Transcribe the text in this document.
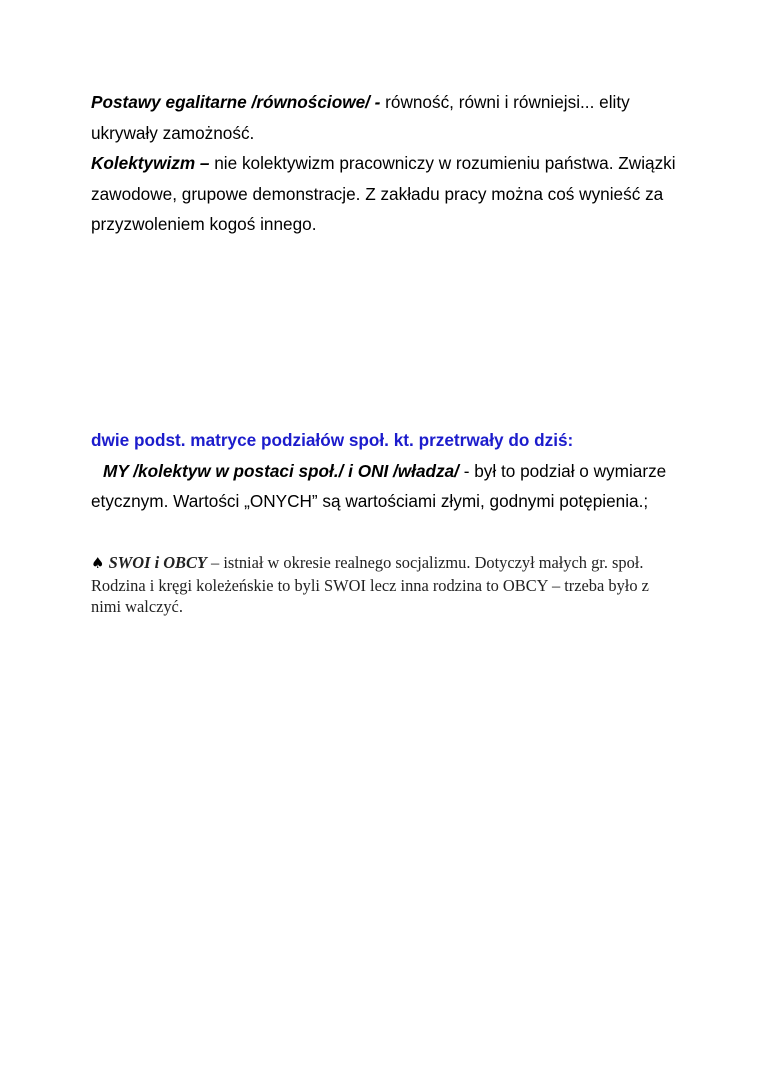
Postawy egalitarne /równościowe/ - równość, równi i równiejsi... elity ukrywały zamożność.

Kolektywizm – nie kolektywizm pracowniczy w rozumieniu państwa. Związki zawodowe, grupowe demonstracje. Z zakładu pracy można coś wynieść za przyzwoleniem kogoś innego.

dwie podst. matryce podziałów społ. kt. przetrwały do dziś:

MY /kolektyw w postaci społ./ i ONI /władza/ - był to podział o wymiarze etycznym. Wartości „ONYCH” są wartościami złymi, godnymi potępienia.;

♠ SWOI i OBCY – istniał w okresie realnego socjalizmu. Dotyczył małych gr. społ. Rodzina i kręgi koleżeńskie to byli SWOI lecz inna rodzina to OBCY – trzeba było z nimi walczyć.
